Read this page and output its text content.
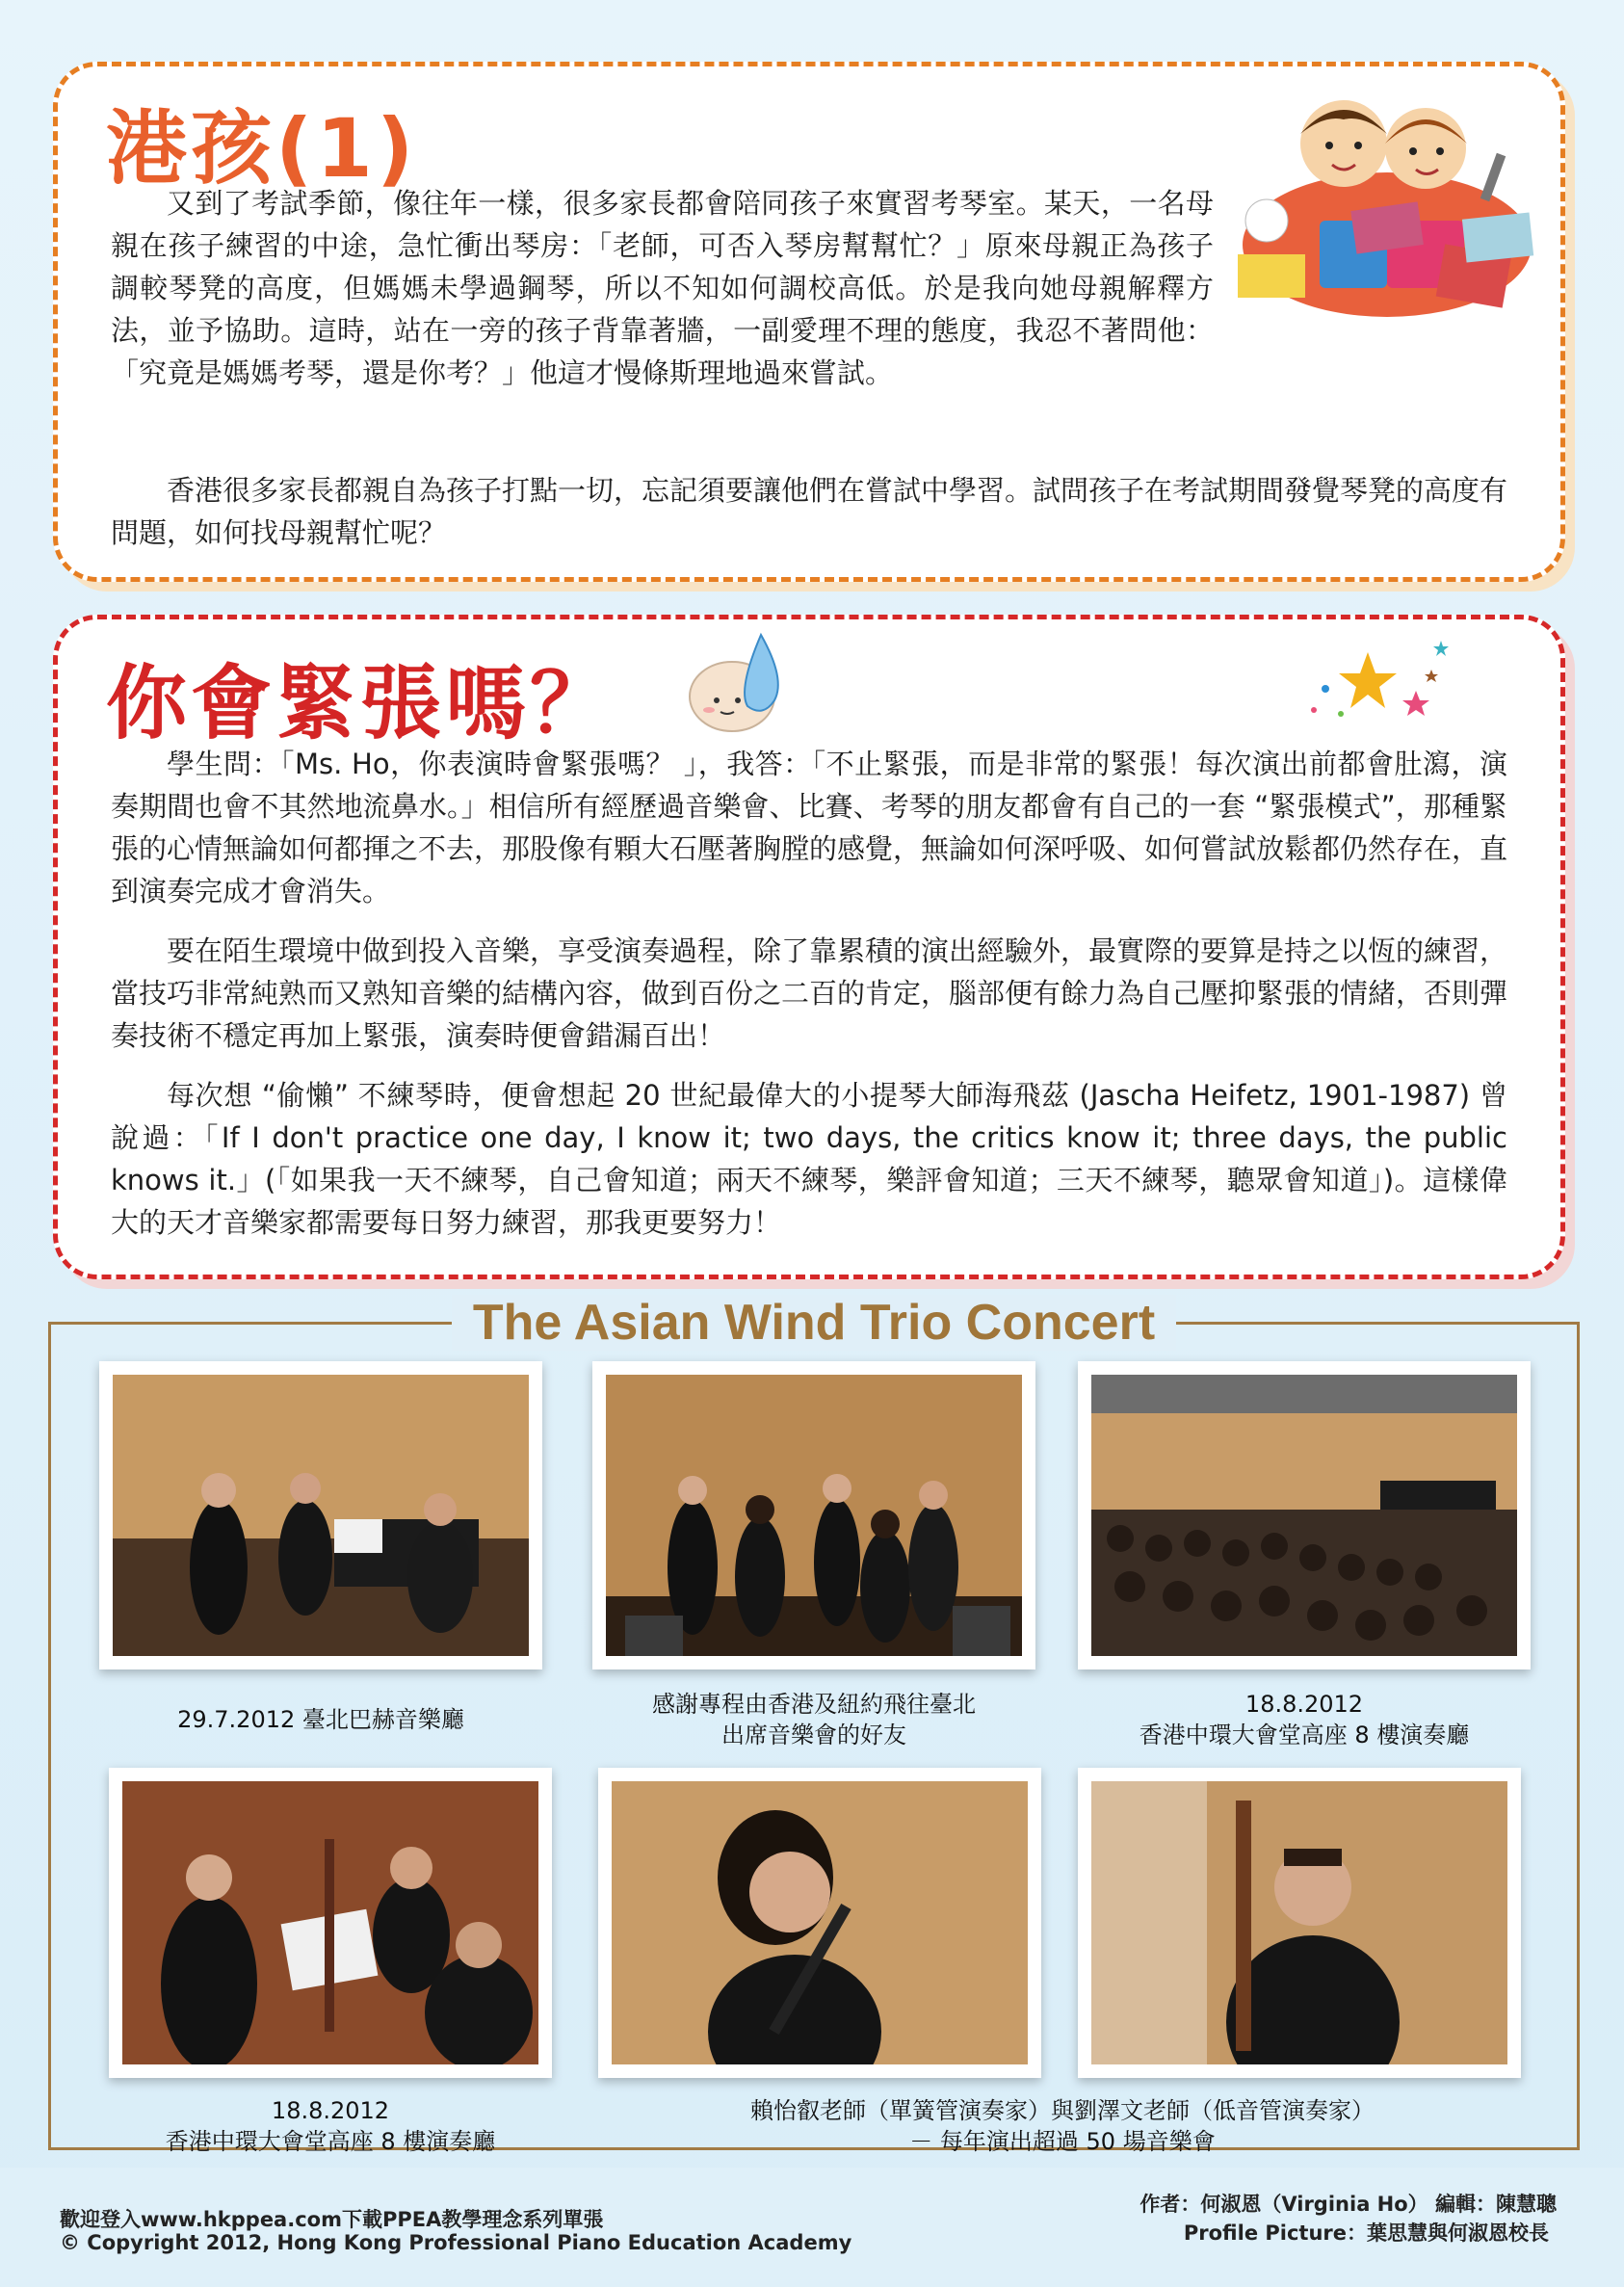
港孩(1)

又到了考試季節，像往年一樣，很多家長都會陪同孩子來實習考琴室。某天，一名母親在孩子練習的中途，急忙衝出琴房：「老師，可否入琴房幫幫忙？」原來母親正為孩子調較琴凳的高度，但媽媽未學過鋼琴，所以不知如何調校高低。於是我向她母親解釋方法，並予協助。這時，站在一旁的孩子背靠著牆，一副愛理不理的態度，我忍不著問他：「究竟是媽媽考琴，還是你考？」他這才慢條斯理地過來嘗試。

香港很多家長都親自為孩子打點一切，忘記須要讓他們在嘗試中學習。試問孩子在考試期間發覺琴凳的高度有問題，如何找母親幫忙呢？

你會緊張嗎？

學生問：「Ms. Ho，你表演時會緊張嗎？ 」，我答：「不止緊張，而是非常的緊張！每次演出前都會肚瀉，演奏期間也會不其然地流鼻水。」相信所有經歷過音樂會、比賽、考琴的朋友都會有自己的一套 “緊張模式”，那種緊張的心情無論如何都揮之不去，那股像有顆大石壓著胸膛的感覺，無論如何深呼吸、如何嘗試放鬆都仍然存在，直到演奏完成才會消失。

要在陌生環境中做到投入音樂，享受演奏過程，除了靠累積的演出經驗外，最實際的要算是持之以恆的練習，當技巧非常純熟而又熟知音樂的結構內容，做到百份之二百的肯定，腦部便有餘力為自己壓抑緊張的情緒，否則彈奏技術不穩定再加上緊張，演奏時便會錯漏百出！

每次想 “偷懶” 不練琴時，便會想起 20 世紀最偉大的小提琴大師海飛茲 (Jascha Heifetz, 1901-1987) 曾說過：「If I don't practice one day, I know it; two days, the critics know it; three days, the public knows it.」(「如果我一天不練琴，自己會知道；兩天不練琴，樂評會知道；三天不練琴，聽眾會知道」)。這樣偉大的天才音樂家都需要每日努力練習，那我更要努力！

The Asian Wind Trio Concert
29.7.2012 臺北巴赫音樂廳
感謝專程由香港及紐約飛往臺北
出席音樂會的好友
18.8.2012
香港中環大會堂高座 8 樓演奏廳
18.8.2012
香港中環大會堂高座 8 樓演奏廳
賴怡叡老師（單簧管演奏家）與劉澤文老師（低音管演奏家）
－ 每年演出超過 50 場音樂會
歡迎登入www.hkppea.com下載PPEA教學理念系列單張
© Copyright 2012, Hong Kong Professional Piano Education Academy
作者：何淑恩（Virginia Ho） 編輯：陳慧聰
Profile Picture：葉思慧與何淑恩校長
